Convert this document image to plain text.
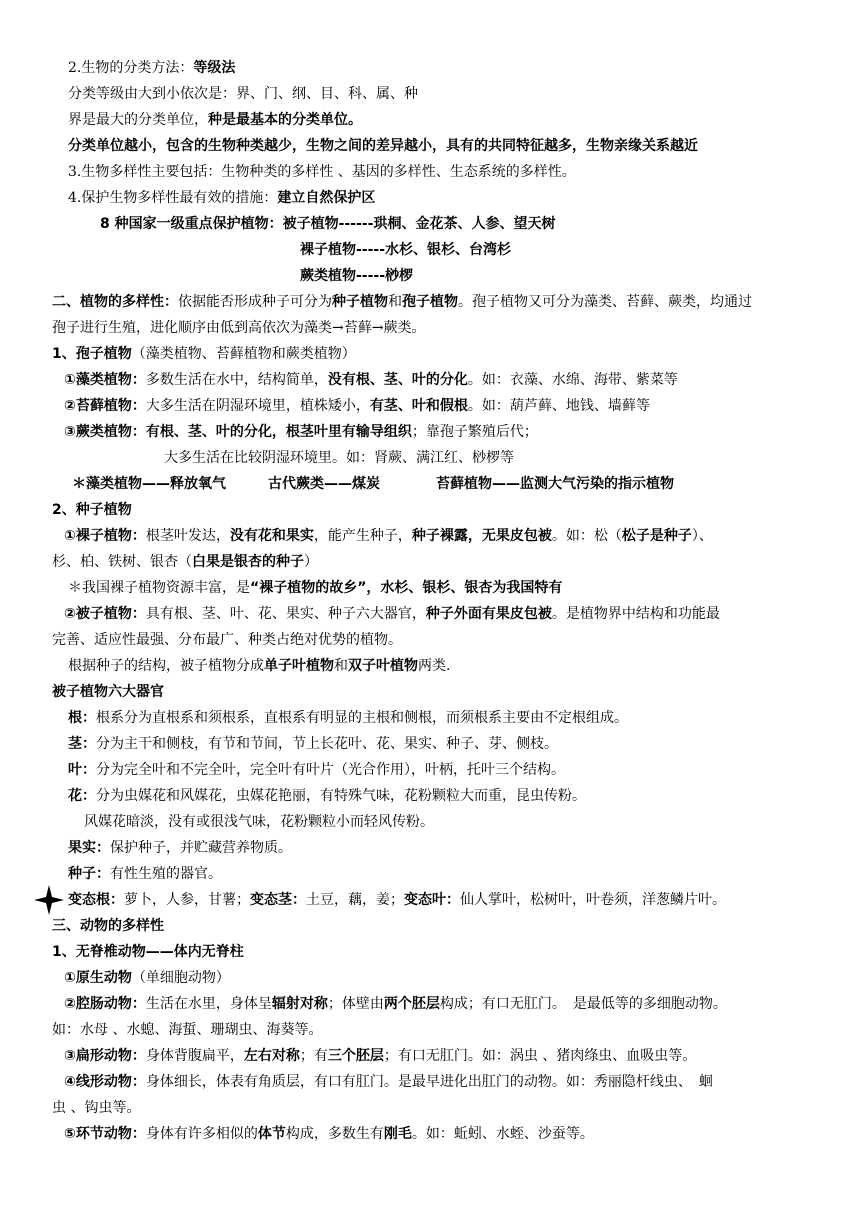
2.生物的分类方法：等级法
分类等级由大到小依次是：界、门、纲、目、科、属、种
界是最大的分类单位，种是最基本的分类单位。
分类单位越小，包含的生物种类越少，生物之间的差异越小，具有的共同特征越多，生物亲缘关系越近
3.生物多样性主要包括：生物种类的多样性 、基因的多样性、生态系统的多样性。
4.保护生物多样性最有效的措施：建立自然保护区
8 种国家一级重点保护植物：被子植物------珙桐、金花茶、人参、望天树
裸子植物-----水杉、银杉、台湾杉
蕨类植物-----桫椤
二、植物的多样性：依据能否形成种子可分为种子植物和孢子植物。孢子植物又可分为藻类、苔藓、蕨类，均通过
孢子进行生殖，进化顺序由低到高依次为藻类→苔藓→蕨类。
1、孢子植物（藻类植物、苔藓植物和蕨类植物）
①藻类植物：多数生活在水中，结构简单，没有根、茎、叶的分化。如：衣藻、水绵、海带、紫菜等
②苔藓植物：大多生活在阴湿环境里，植株矮小，有茎、叶和假根。如：葫芦藓、地钱、墙藓等
③蕨类植物：有根、茎、叶的分化，根茎叶里有输导组织；靠孢子繁殖后代；
大多生活在比较阴湿环境里。如：肾蕨、满江红、桫椤等
＊藻类植物——释放氧气　　　古代蕨类——煤炭　　　　苔藓植物——监测大气污染的指示植物
2、种子植物
①裸子植物：根茎叶发达，没有花和果实，能产生种子，种子裸露，无果皮包被。如：松（松子是种子）、
杉、柏、铁树、银杏（白果是银杏的种子）
＊我国裸子植物资源丰富，是“裸子植物的故乡”，水杉、银杉、银杏为我国特有
②被子植物：具有根、茎、叶、花、果实、种子六大器官，种子外面有果皮包被。是植物界中结构和功能最
完善、适应性最强、分布最广、种类占绝对优势的植物。
根据种子的结构，被子植物分成单子叶植物和双子叶植物两类.
被子植物六大器官
根：根系分为直根系和须根系，直根系有明显的主根和侧根，而须根系主要由不定根组成。
茎：分为主干和侧枝，有节和节间，节上长花叶、花、果实、种子、芽、侧枝。
叶：分为完全叶和不完全叶，完全叶有叶片（光合作用），叶柄，托叶三个结构。
花：分为虫媒花和风媒花，虫媒花艳丽，有特殊气味，花粉颗粒大而重，昆虫传粉。
风媒花暗淡，没有或很浅气味，花粉颗粒小而轻风传粉。
果实：保护种子，并贮藏营养物质。
种子：有性生殖的器官。
变态根：萝卜，人参，甘薯；变态茎：土豆，藕，姜；变态叶：仙人掌叶，松树叶，叶卷须，洋葱鳞片叶。
三、动物的多样性
1、无脊椎动物——体内无脊柱
①原生动物（单细胞动物）
②腔肠动物：生活在水里，身体呈辐射对称；体壁由两个胚层构成；有口无肛门。　是最低等的多细胞动物。
如：水母 、水螅、海蜇、珊瑚虫、海葵等。
③扁形动物：身体背腹扁平，左右对称；有三个胚层；有口无肛门。如：涡虫 、猪肉绦虫、血吸虫等。
④线形动物：身体细长，体表有角质层，有口有肛门。是最早进化出肛门的动物。如：秀丽隐杆线虫、　蛔
虫 、钩虫等。
⑤环节动物：身体有许多相似的体节构成，多数生有刚毛。如：蚯蚓、水蛭、沙蚕等。
